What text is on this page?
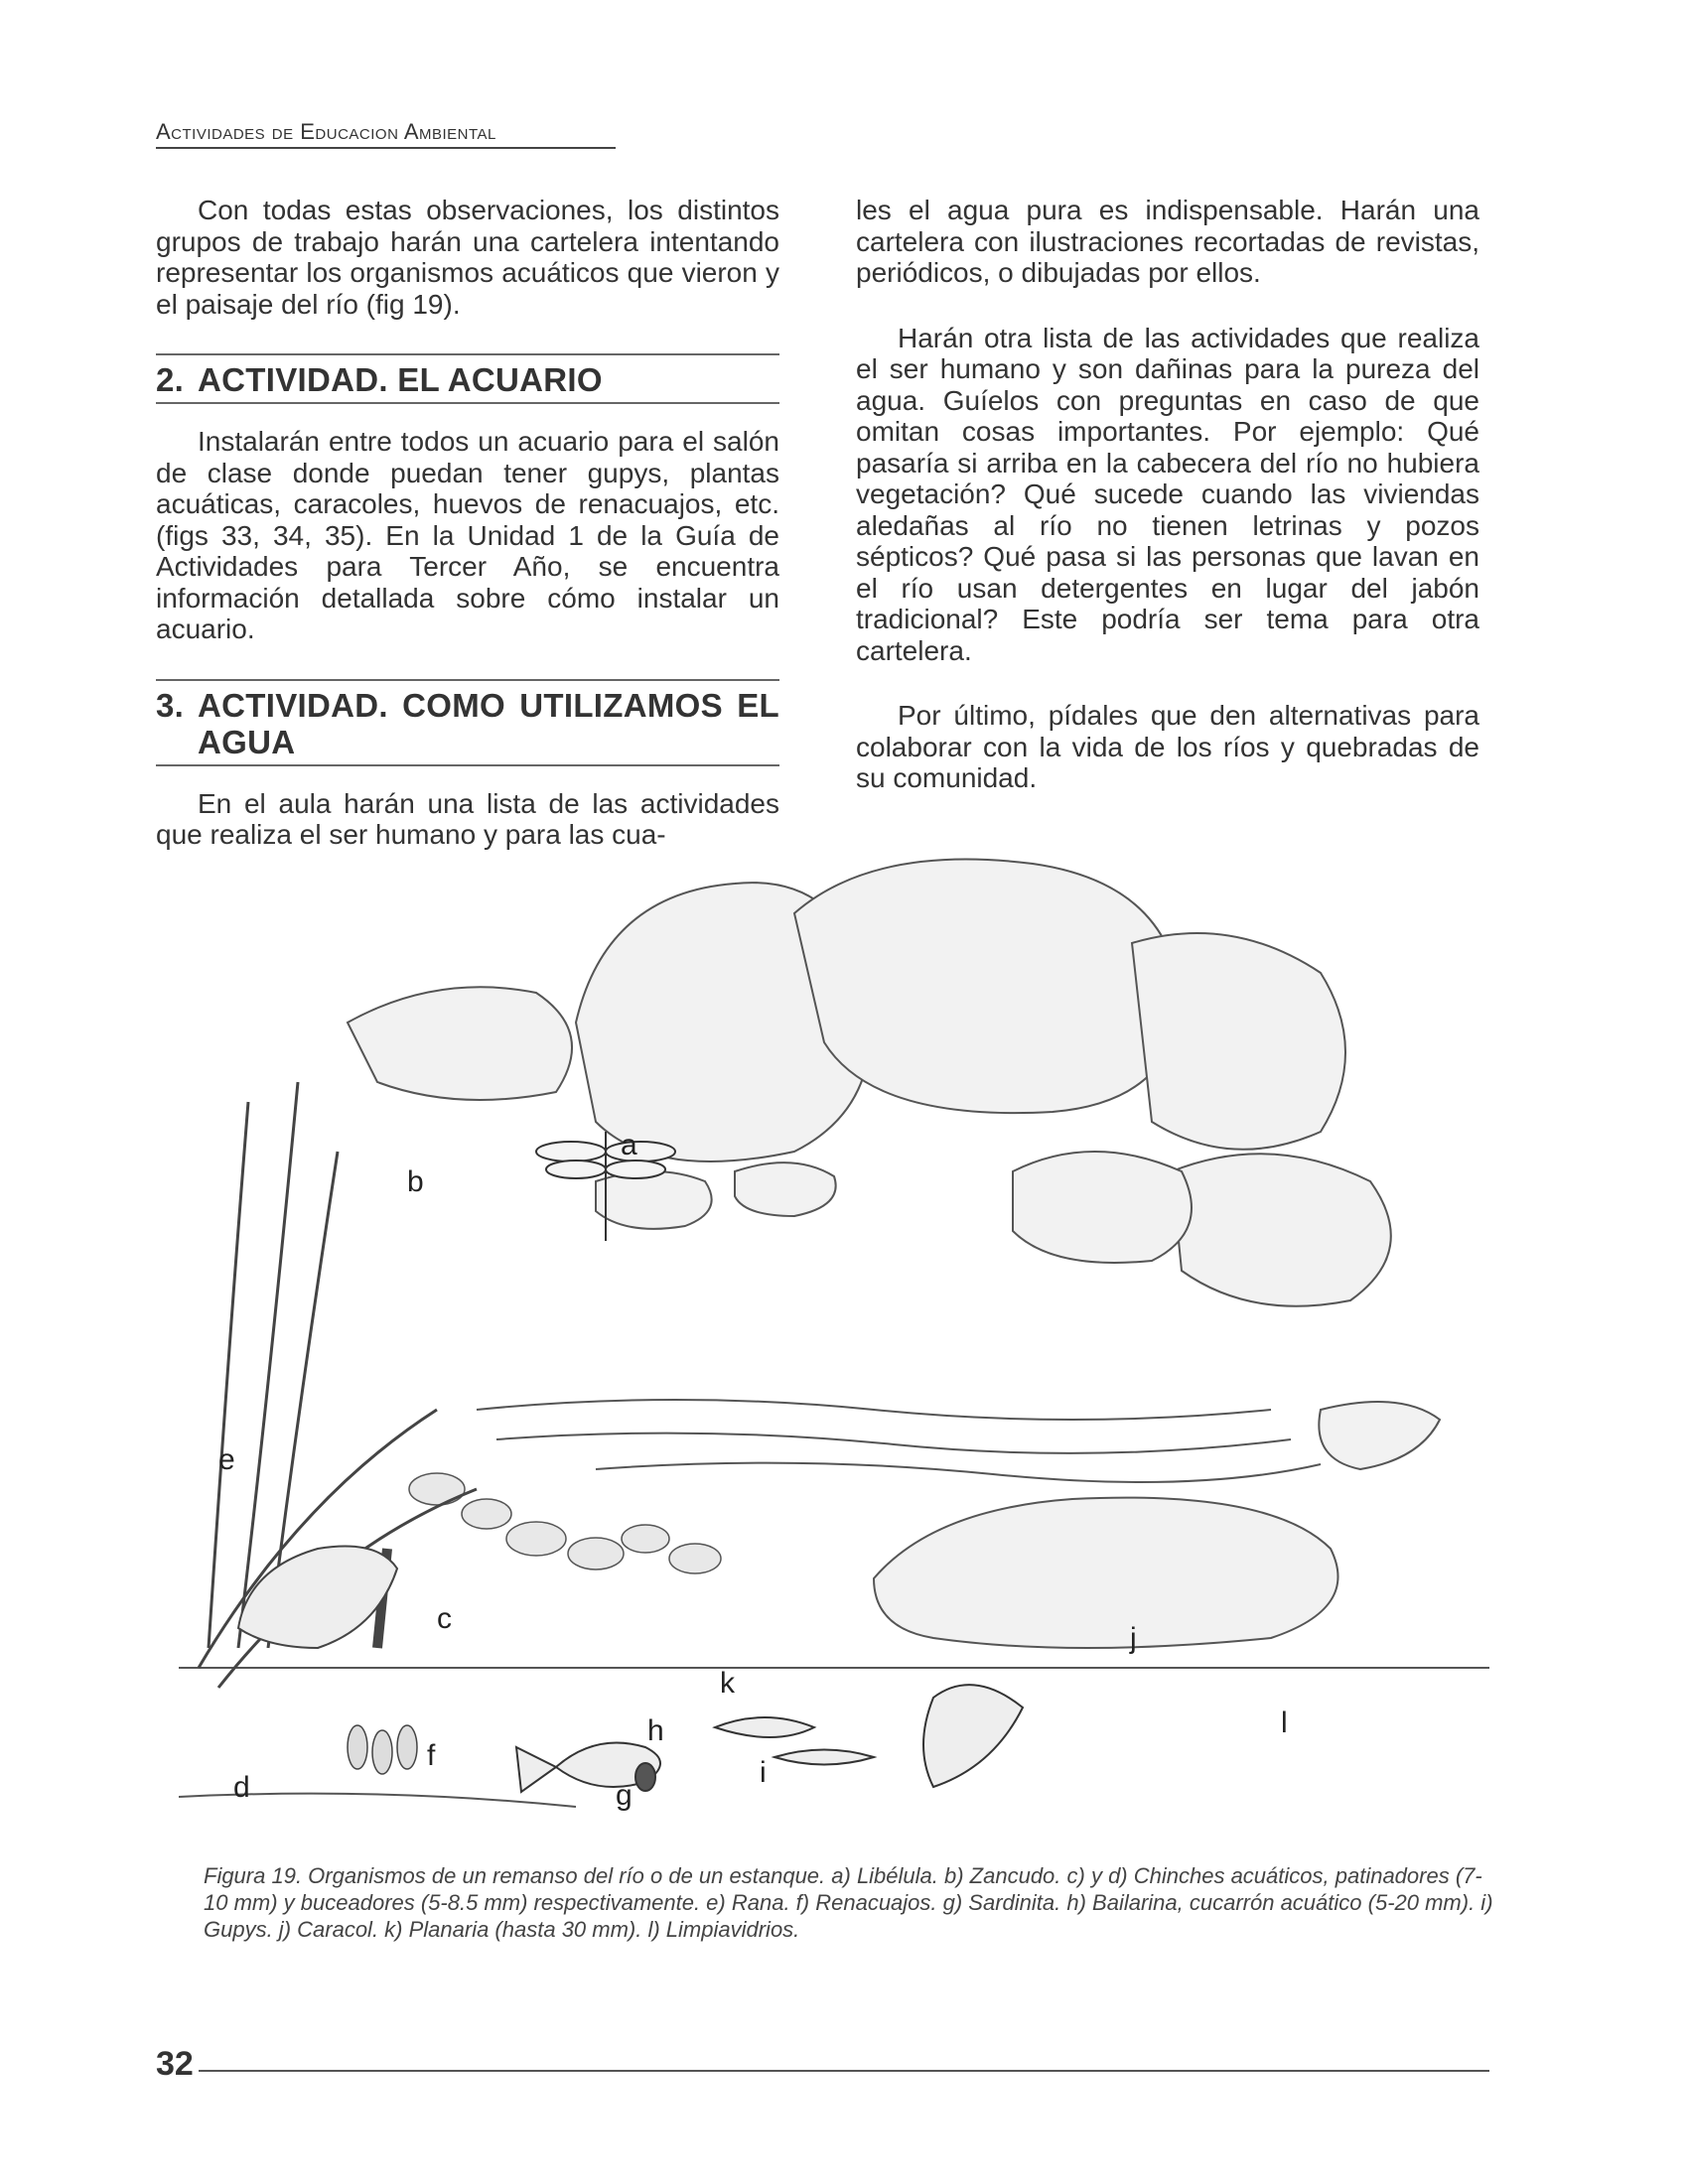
Actividades de Educacion Ambiental

Con todas estas observaciones, los distintos grupos de trabajo harán una cartelera intentando representar los organismos acuáticos que vieron y el paisaje del río (fig 19).

2. ACTIVIDAD. EL ACUARIO

Instalarán entre todos un acuario para el salón de clase donde puedan tener gupys, plantas acuáticas, caracoles, huevos de renacuajos, etc. (figs 33, 34, 35). En la Unidad 1 de la Guía de Actividades para Tercer Año, se encuentra información detallada sobre cómo instalar un acuario.

3. ACTIVIDAD. COMO UTILIZAMOS EL AGUA

En el aula harán una lista de las actividades que realiza el ser humano y para las cua-

les el agua pura es indispensable. Harán una cartelera con ilustraciones recortadas de revistas, periódicos, o dibujadas por ellos.

Harán otra lista de las actividades que realiza el ser humano y son dañinas para la pureza del agua. Guíelos con preguntas en caso de que omitan cosas importantes. Por ejemplo: Qué pasaría si arriba en la cabecera del río no hubiera vegetación? Qué sucede cuando las viviendas aledañas al río no tienen letrinas y pozos sépticos? Qué pasa si las personas que lavan en el río usan detergentes en lugar del jabón tradicional? Este podría ser tema para otra cartelera.

Por último, pídales que den alternativas para colaborar con la vida de los ríos y quebradas de su comunidad.

a
b
c
d
e
f
g
h
i
j
k
l
Figura 19. Organismos de un remanso del río o de un estanque. a) Libélula. b) Zancudo. c) y d) Chinches acuáticos, patinadores (7-10 mm) y buceadores (5-8.5 mm) respectivamente. e) Rana. f) Renacuajos. g) Sardinita. h) Bailarina, cucarrón acuático (5-20 mm). i) Gupys. j) Caracol. k) Planaria (hasta 30 mm). l) Limpiavidrios.
32
